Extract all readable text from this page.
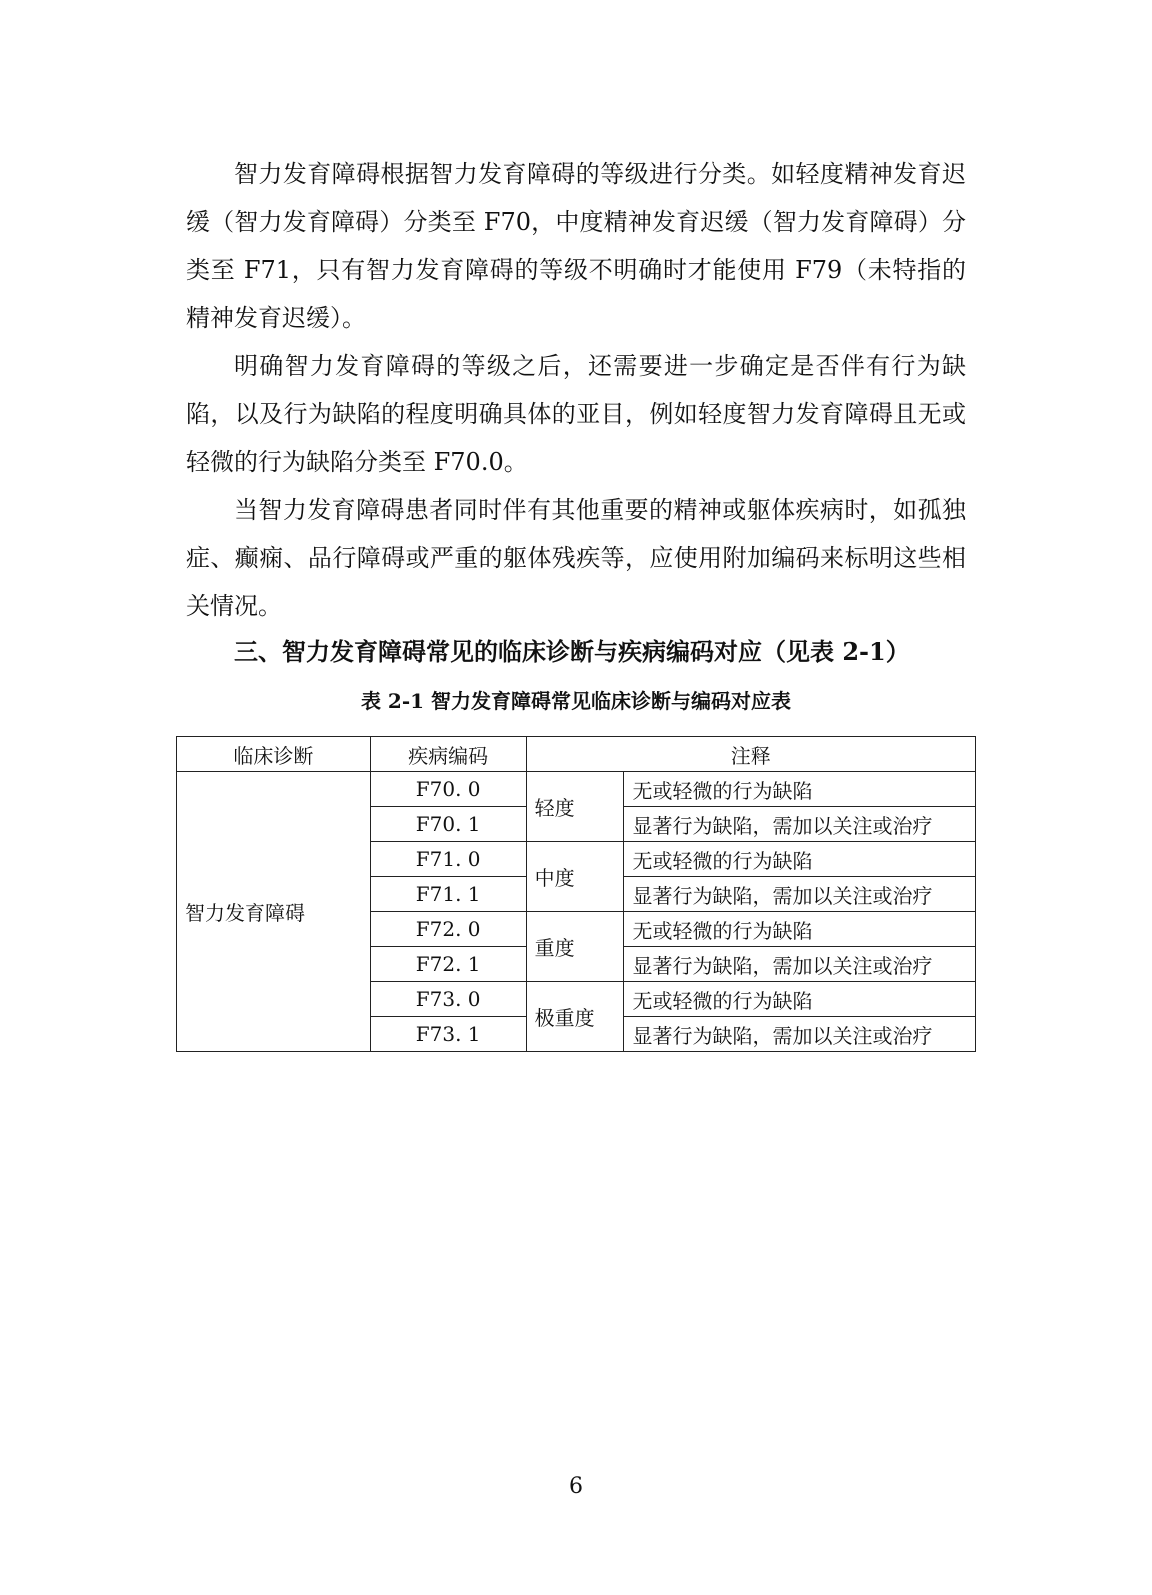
智力发育障碍根据智力发育障碍的等级进行分类。如轻度精神发育迟缓（智力发育障碍）分类至 F70，中度精神发育迟缓（智力发育障碍）分类至 F71，只有智力发育障碍的等级不明确时才能使用 F79（未特指的精神发育迟缓）。

明确智力发育障碍的等级之后，还需要进一步确定是否伴有行为缺陷，以及行为缺陷的程度明确具体的亚目，例如轻度智力发育障碍且无或轻微的行为缺陷分类至 F70.0。

当智力发育障碍患者同时伴有其他重要的精神或躯体疾病时，如孤独症、癫痫、品行障碍或严重的躯体残疾等，应使用附加编码来标明这些相关情况。

三、智力发育障碍常见的临床诊断与疾病编码对应（见表 2-1）

表 2-1 智力发育障碍常见临床诊断与编码对应表

临床诊断	疾病编码	注释	
智力发育障碍	F70. 0	轻度	无或轻微的行为缺陷
	F70. 1		显著行为缺陷，需加以关注或治疗
	F71. 0	中度	无或轻微的行为缺陷
	F71. 1		显著行为缺陷，需加以关注或治疗
	F72. 0	重度	无或轻微的行为缺陷
	F72. 1		显著行为缺陷，需加以关注或治疗
	F73. 0	极重度	无或轻微的行为缺陷
	F73. 1		显著行为缺陷，需加以关注或治疗

6
